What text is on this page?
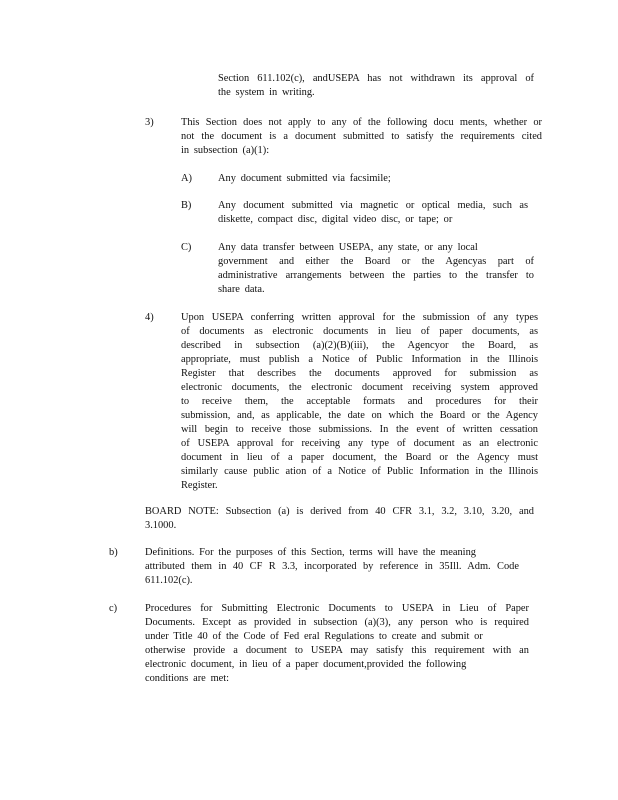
Section 611.102(c), andUSEPA has not withdrawn its approval of
the system in writing.
3)	This Section does not apply to any of the following docu ments, whether or
not the document is a document submitted to satisfy the requirements cited
in subsection (a)(1):
A)	Any document submitted via facsimile;
B)	Any document submitted via magnetic or optical media, such as
diskette, compact disc, digital video disc, or tape; or
C)	Any data transfer between USEPA, any state, or any local
government and either the Board or the Agencyas part of
administrative arrangements between the parties to the transfer to
share data.
4)	Upon USEPA conferring written approval for the submission of any types
of documents as electronic documents in lieu of paper documents, as
described in subsection (a)(2)(B)(iii), the Agencyor the Board, as
appropriate, must publish a Notice of Public Information in the Illinois
Register that describes the documents approved for submission as
electronic documents, the electronic document receiving system approved
to receive them, the acceptable formats and procedures for their
submission, and, as applicable, the date on which the Board or the Agency
will begin to receive those submissions. In the event of written cessation
of USEPA approval for receiving any type of document as an electronic
document in lieu of a paper document, the Board or the Agency must
similarly cause public ation of a Notice of Public Information in the Illinois
Register.
BOARD NOTE: Subsection (a) is derived from 40 CFR 3.1, 3.2, 3.10, 3.20, and
3.1000.
b)	Definitions. For the purposes of this Section, terms will have the meaning
attributed them in 40 CF R 3.3, incorporated by reference in 35Ill. Adm. Code
611.102(c).
c)	Procedures for Submitting Electronic Documents to USEPA in Lieu of Paper
Documents. Except as provided in subsection (a)(3), any person who is required
under Title 40 of the Code of Fed eral Regulations to create and submit or
otherwise provide a document to USEPA may satisfy this requirement with an
electronic document, in lieu of a paper document,provided the following
conditions are met:
